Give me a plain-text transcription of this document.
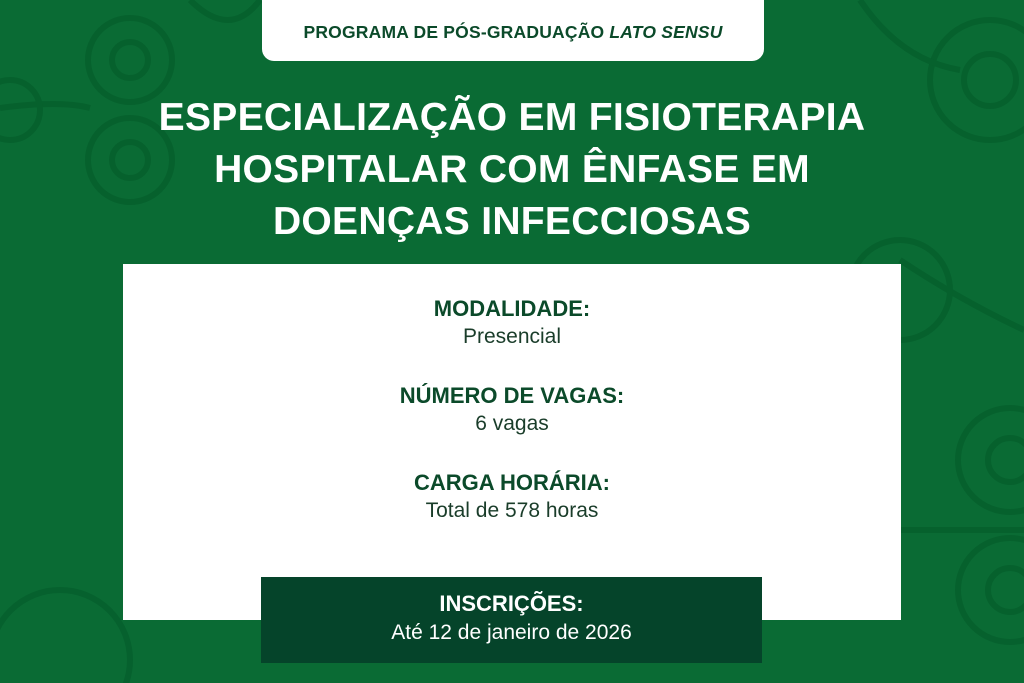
PROGRAMA DE PÓS-GRADUAÇÃO LATO SENSU
ESPECIALIZAÇÃO EM FISIOTERAPIA
HOSPITALAR COM ÊNFASE EM
DOENÇAS INFECCIOSAS
MODALIDADE:
Presencial
NÚMERO DE VAGAS:
6 vagas
CARGA HORÁRIA:
Total de 578 horas
INSCRIÇÕES:
Até 12 de janeiro de 2026
